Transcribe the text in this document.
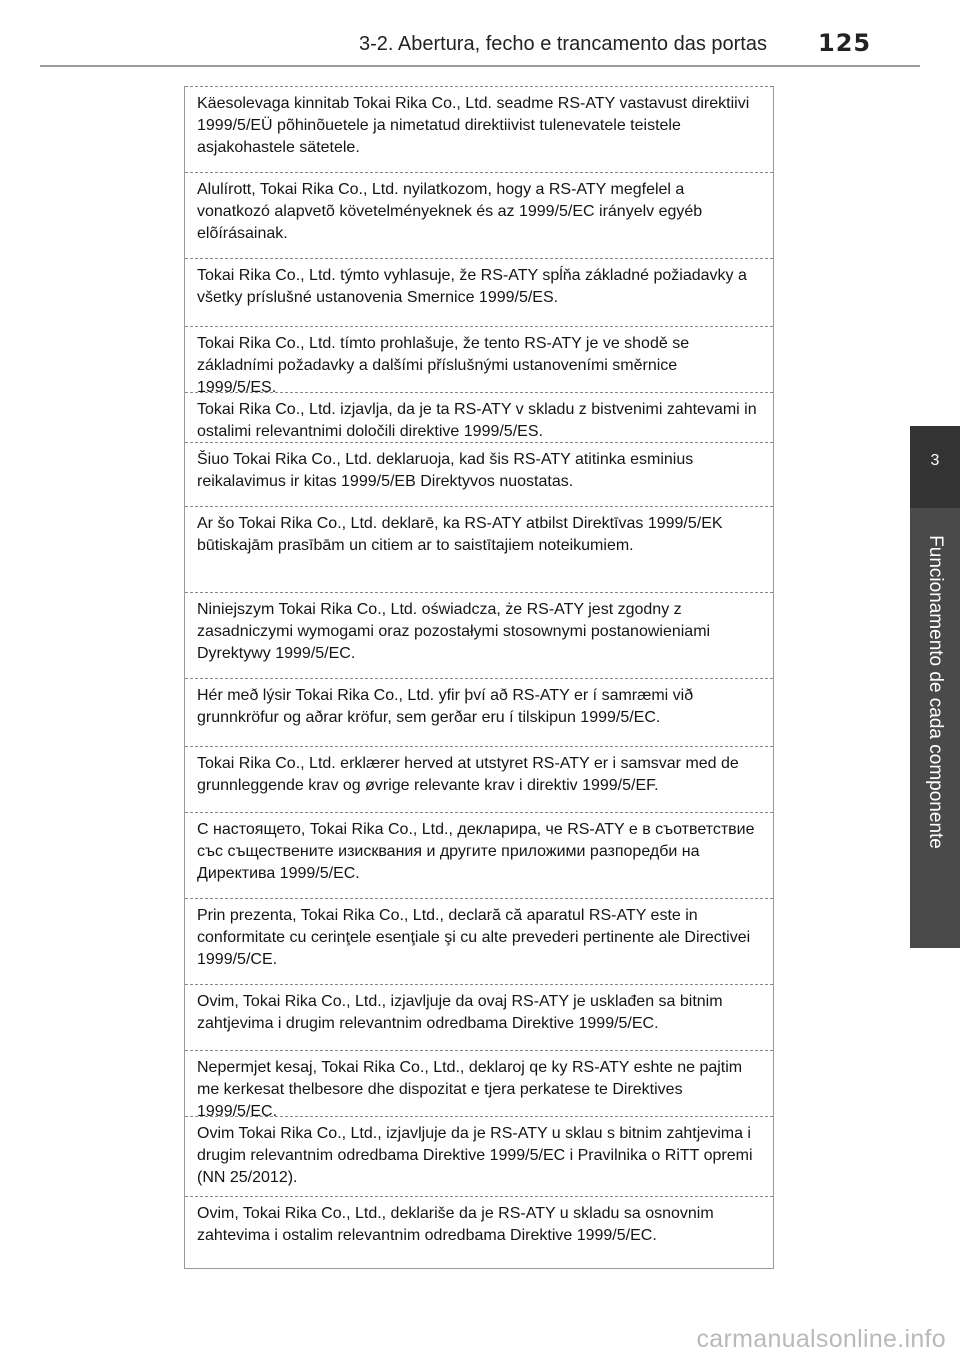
3-2. Abertura, fecho e trancamento das portas 125
3
Funcionamento de cada componente
Käesolevaga kinnitab Tokai Rika Co., Ltd. seadme RS-ATY vastavust direktiivi 1999/5/EÜ põhinõuetele ja nimetatud direktiivist tulenevatele teistele asjakohastele sätetele.
Alulírott, Tokai Rika Co., Ltd. nyilatkozom, hogy a RS-ATY megfelel a vonatkozó alapvetõ követelményeknek és az 1999/5/EC irányelv egyéb elõírásainak.
Tokai Rika Co., Ltd. týmto vyhlasuje, že RS-ATY spĺňa základné požiadavky a všetky príslušné ustanovenia Smernice 1999/5/ES.
Tokai Rika Co., Ltd. tímto prohlašuje, že tento RS-ATY je ve shodě se základními požadavky a dalšími příslušnými ustanoveními směrnice 1999/5/ES.
Tokai Rika Co., Ltd. izjavlja, da je ta RS-ATY v skladu z bistvenimi zahtevami in ostalimi relevantnimi določili direktive 1999/5/ES.
Šiuo Tokai Rika Co., Ltd. deklaruoja, kad šis RS-ATY atitinka esminius reikalavimus ir kitas 1999/5/EB Direktyvos nuostatas.
Ar šo Tokai Rika Co., Ltd. deklarē, ka RS-ATY atbilst Direktīvas 1999/5/EK būtiskajām prasībām un citiem ar to saistītajiem noteikumiem.
Niniejszym Tokai Rika Co., Ltd. oświadcza, że RS-ATY jest zgodny z zasadniczymi wymogami oraz pozostałymi stosownymi postanowieniami Dyrektywy 1999/5/EC.
Hér með lýsir Tokai Rika Co., Ltd. yfir því að RS-ATY er í samræmi við grunnkröfur og aðrar kröfur, sem gerðar eru í tilskipun 1999/5/EC.
Tokai Rika Co., Ltd. erklærer herved at utstyret RS-ATY er i samsvar med de grunnleggende krav og øvrige relevante krav i direktiv 1999/5/EF.
С настоящето, Tokai Rika Co., Ltd., декларира, че RS-ATY е в съответствие със съществените изисквания и другите приложими разпоредби на Директива 1999/5/EC.
Prin prezenta, Tokai Rika Co., Ltd., declară că aparatul RS-ATY este in conformitate cu cerinţele esenţiale şi cu alte prevederi pertinente ale Directivei 1999/5/CE.
Ovim, Tokai Rika Co., Ltd., izjavljuje da ovaj RS-ATY je usklađen sa bitnim zahtjevima i drugim relevantnim odredbama Direktive 1999/5/EC.
Nepermjet kesaj, Tokai Rika Co., Ltd., deklaroj qe ky RS-ATY eshte ne pajtim me kerkesat thelbesore dhe dispozitat e tjera perkatese te Direktives 1999/5/EC.
Ovim Tokai Rika Co., Ltd., izjavljuje da je RS-ATY u sklau s bitnim zahtjevima i drugim relevantnim odredbama Direktive 1999/5/EC i Pravilnika o RiTT opremi (NN 25/2012).
Ovim, Tokai Rika Co., Ltd., deklariše da je RS-ATY u skladu sa osnovnim zahtevima i ostalim relevantnim odredbama Direktive 1999/5/EC.
carmanualsonline.info
